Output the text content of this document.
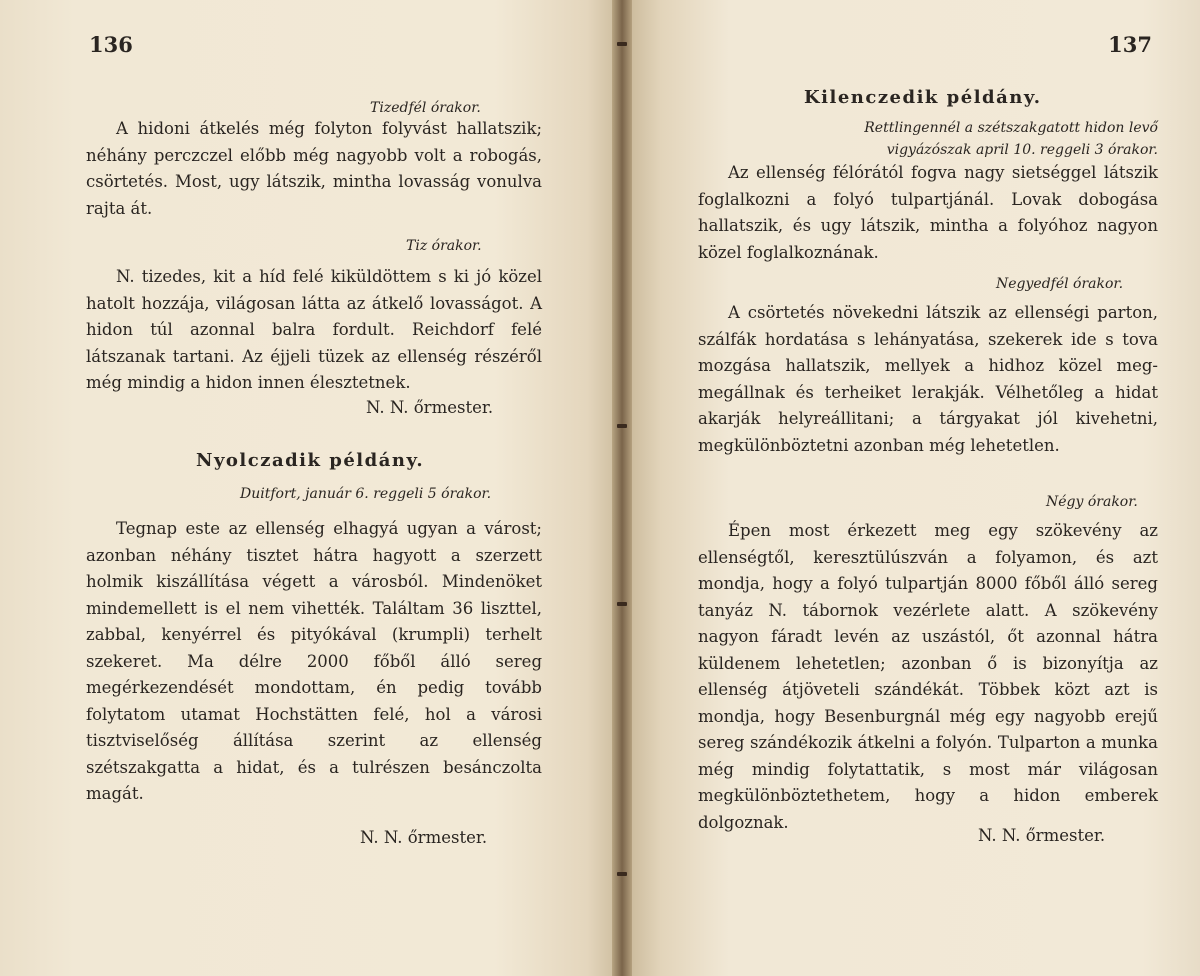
136
Tizedfél órakor.

A hidoni átkelés még folyton folyvást hallatszik; néhány perczczel előbb még nagyobb volt a robogás, csörtetés. Most, ugy látszik, mintha lovasság vonulva rajta át.

Tiz órakor.

N. tizedes, kit a híd felé kiküldöttem s ki jó közel hatolt hozzája, világosan látta az átkelő lovasságot. A hidon túl azonnal balra fordult. Reichdorf felé látszanak tartani. Az éjjeli tüzek az ellenség részéről még mindig a hidon innen élesztetnek.

N. N. őrmester.
Nyolczadik példány.
Duitfort, január 6. reggeli 5 órakor.

Tegnap este az ellenség elhagyá ugyan a várost; azonban néhány tisztet hátra hagyott a szerzett holmik kiszállítása végett a városból. Mindenöket mindemellett is el nem vihették. Találtam 36 liszttel, zabbal, kenyérrel és pityókával (krumpli) terhelt szekeret. Ma délre 2000 főből álló sereg megérkezendését mondottam, én pedig tovább folytatom utamat Hochstätten felé, hol a városi tisztviselőség állítása szerint az ellenség szétszakgatta a hidat, és a tulrészen besánczolta magát.

N. N. őrmester.
137
Kilenczedik példány.
Rettlingennél a szétszakgatott hidon levő
vigyázószak april 10. reggeli 3 órakor.

Az ellenség félórától fogva nagy sietséggel látszik foglalkozni a folyó tulpartjánál. Lovak dobogása hallatszik, és ugy látszik, mintha a folyóhoz nagyon közel foglalkoznának.

Negyedfél órakor.

A csörtetés növekedni látszik az ellenségi parton, szálfák hordatása s lehányatása, szekerek ide s tova mozgása hallatszik, mellyek a hidhoz közel meg-megállnak és terheiket lerakják. Vélhetőleg a hidat akarják helyreállitani; a tárgyakat jól kivehetni, megkülönböztetni azonban még lehetetlen.

Négy órakor.

Épen most érkezett meg egy szökevény az ellenségtől, keresztülúszván a folyamon, és azt mondja, hogy a folyó tulpartján 8000 főből álló sereg tanyáz N. tábornok vezérlete alatt. A szökevény nagyon fáradt levén az uszástól, őt azonnal hátra küldenem lehetetlen; azonban ő is bizonyítja az ellenség átjöveteli szándékát. Többek közt azt is mondja, hogy Besenburgnál még egy nagyobb erejű sereg szándékozik átkelni a folyón. Tulparton a munka még mindig folytattatik, s most már világosan megkülönböztethetem, hogy a hidon emberek dolgoznak.

N. N. őrmester.
